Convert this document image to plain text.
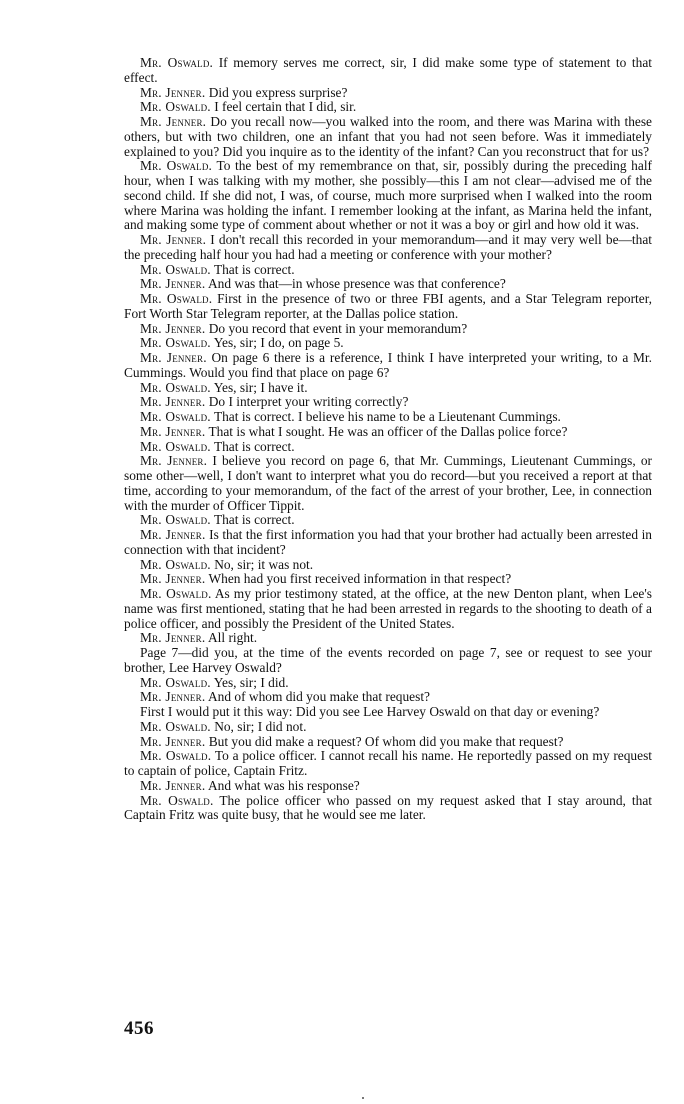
Mr. Oswald. If memory serves me correct, sir, I did make some type of statement to that effect.

Mr. Jenner. Did you express surprise?

Mr. Oswald. I feel certain that I did, sir.

Mr. Jenner. Do you recall now—you walked into the room, and there was Marina with these others, but with two children, one an infant that you had not seen before. Was it immediately explained to you? Did you inquire as to the identity of the infant? Can you reconstruct that for us?

Mr. Oswald. To the best of my remembrance on that, sir, possibly during the preceding half hour, when I was talking with my mother, she possibly—this I am not clear—advised me of the second child. If she did not, I was, of course, much more surprised when I walked into the room where Marina was holding the infant. I remember looking at the infant, as Marina held the infant, and making some type of comment about whether or not it was a boy or girl and how old it was.

Mr. Jenner. I don't recall this recorded in your memorandum—and it may very well be—that the preceding half hour you had had a meeting or conference with your mother?

Mr. Oswald. That is correct.

Mr. Jenner. And was that—in whose presence was that conference?

Mr. Oswald. First in the presence of two or three FBI agents, and a Star Telegram reporter, Fort Worth Star Telegram reporter, at the Dallas police station.

Mr. Jenner. Do you record that event in your memorandum?

Mr. Oswald. Yes, sir; I do, on page 5.

Mr. Jenner. On page 6 there is a reference, I think I have interpreted your writing, to a Mr. Cummings. Would you find that place on page 6?

Mr. Oswald. Yes, sir; I have it.

Mr. Jenner. Do I interpret your writing correctly?

Mr. Oswald. That is correct. I believe his name to be a Lieutenant Cummings.

Mr. Jenner. That is what I sought. He was an officer of the Dallas police force?

Mr. Oswald. That is correct.

Mr. Jenner. I believe you record on page 6, that Mr. Cummings, Lieutenant Cummings, or some other—well, I don't want to interpret what you do record—but you received a report at that time, according to your memorandum, of the fact of the arrest of your brother, Lee, in connection with the murder of Officer Tippit.

Mr. Oswald. That is correct.

Mr. Jenner. Is that the first information you had that your brother had actually been arrested in connection with that incident?

Mr. Oswald. No, sir; it was not.

Mr. Jenner. When had you first received information in that respect?

Mr. Oswald. As my prior testimony stated, at the office, at the new Denton plant, when Lee's name was first mentioned, stating that he had been arrested in regards to the shooting to death of a police officer, and possibly the President of the United States.

Mr. Jenner. All right.

Page 7—did you, at the time of the events recorded on page 7, see or request to see your brother, Lee Harvey Oswald?

Mr. Oswald. Yes, sir; I did.

Mr. Jenner. And of whom did you make that request?

First I would put it this way: Did you see Lee Harvey Oswald on that day or evening?

Mr. Oswald. No, sir; I did not.

Mr. Jenner. But you did make a request? Of whom did you make that request?

Mr. Oswald. To a police officer. I cannot recall his name. He reportedly passed on my request to captain of police, Captain Fritz.

Mr. Jenner. And what was his response?

Mr. Oswald. The police officer who passed on my request asked that I stay around, that Captain Fritz was quite busy, that he would see me later.

456
